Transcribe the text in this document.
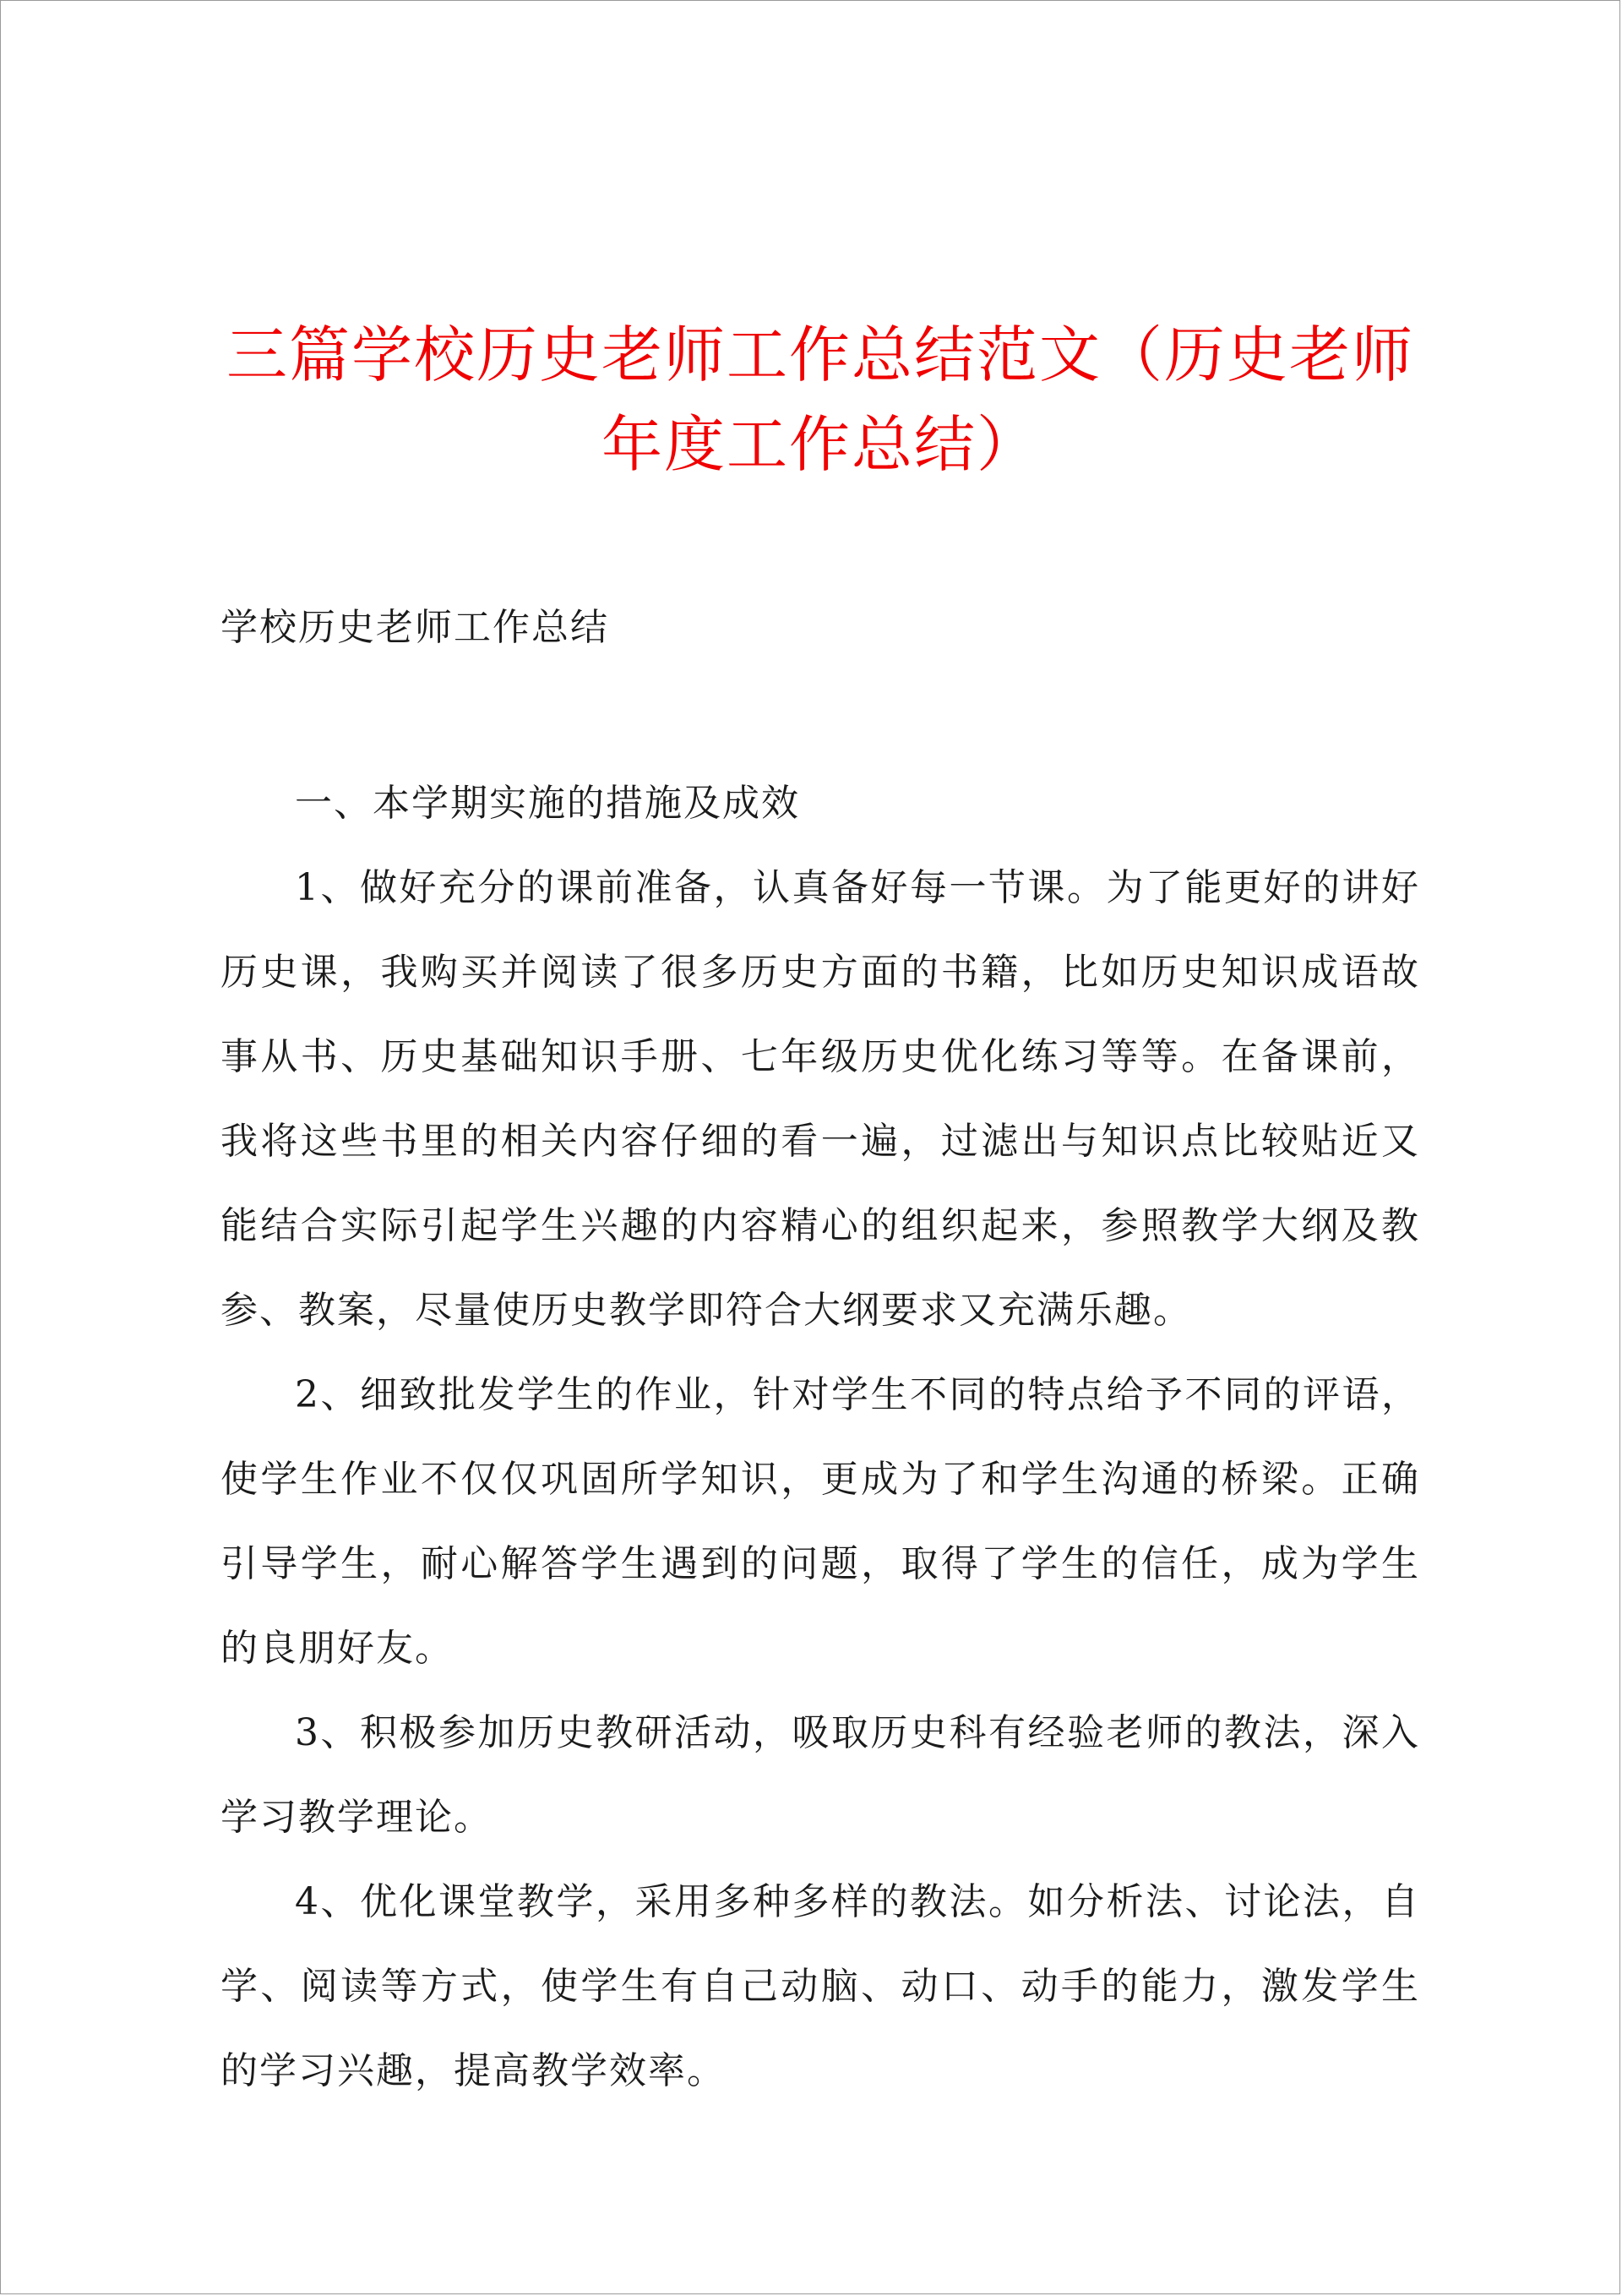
三篇学校历史老师工作总结范文（历史老师年度工作总结）
学校历史老师工作总结

一、本学期实施的措施及成效

1、做好充分的课前准备，认真备好每一节课。为了能更好的讲好历史课，我购买并阅读了很多历史方面的书籍，比如历史知识成语故事从书、历史基础知识手册、七年级历史优化练习等等。在备课前，我将这些书里的相关内容仔细的看一遍，过滤出与知识点比较贴近又能结合实际引起学生兴趣的内容精心的组织起来，参照教学大纲及教参、教案，尽量使历史教学即符合大纲要求又充满乐趣。

2、细致批发学生的作业，针对学生不同的特点给予不同的评语，使学生作业不仅仅巩固所学知识，更成为了和学生沟通的桥梁。正确引导学生，耐心解答学生遇到的问题，取得了学生的信任，成为学生的良朋好友。

3、积极参加历史教研活动，吸取历史科有经验老师的教法，深入学习教学理论。

4、优化课堂教学，采用多种多样的教法。如分析法、讨论法，自学、阅读等方式，使学生有自己动脑、动口、动手的能力，激发学生的学习兴趣，提高教学效率。
